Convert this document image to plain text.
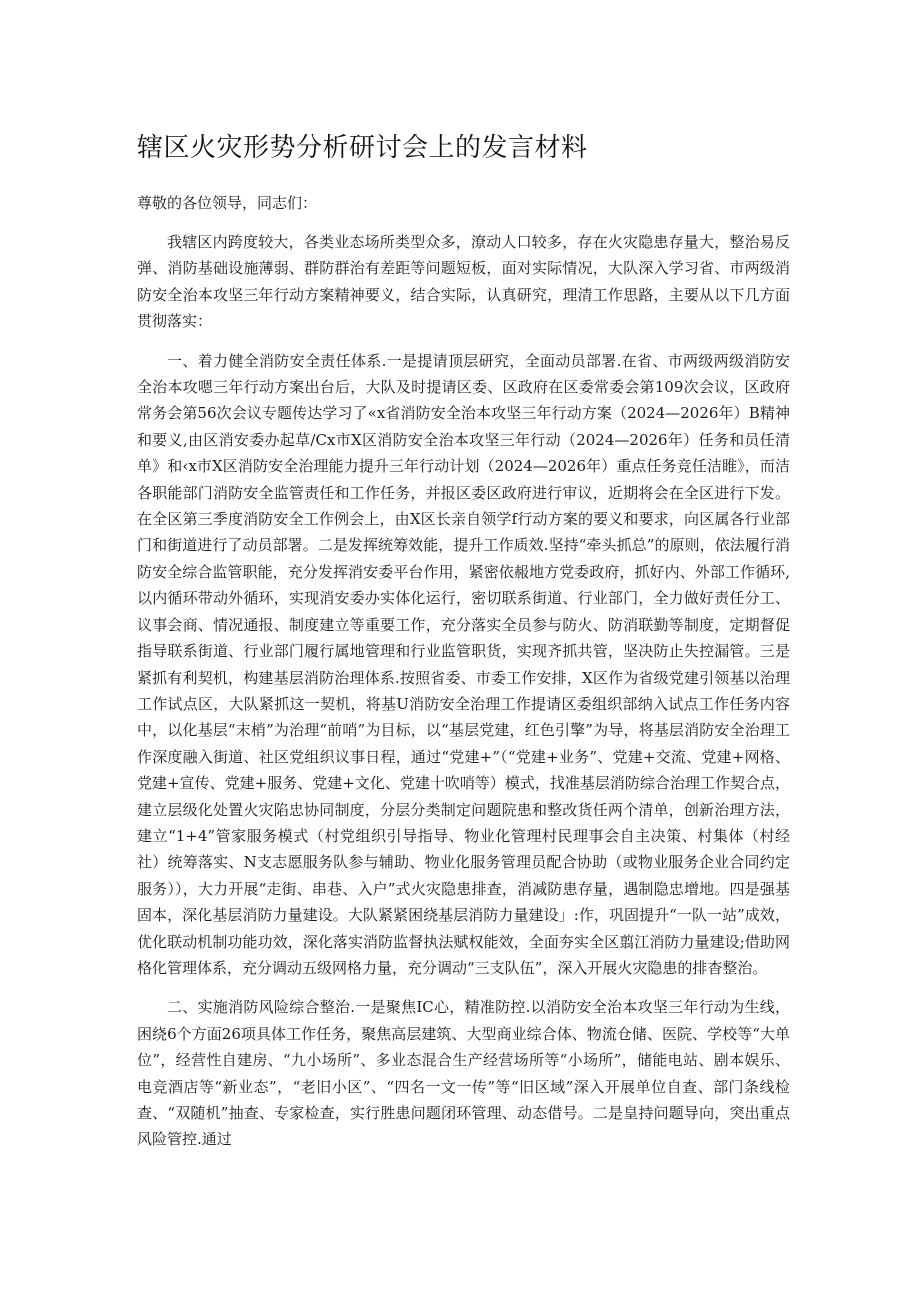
辖区火灾形势分析研讨会上的发言材料

尊敬的各位领导，同志们：

我辖区内跨度较大，各类业态场所类型众多，潦动人口较多，存在火灾隐患存量大，整治易反弹、消防基础设施薄弱、群防群治有差距等问题短板，面对实际情况，大队深入学习省、市两级消防安全治本攻坚三年行动方案精神要义，结合实际，认真研究，理清工作思路，主要从以下几方面贯彻落实：

一、着力健全消防安全责任体系.一是提请顶层研究，全面动员部署.在省、市两级两级消防安全治本攻嗯三年行动方案出台后，大队及时提请区委、区政府在区委常委会第109次会议，区政府常务会第56次会议专题传达学习了«x省消防安全治本攻坚三年行动方案（2024—2026年）B精神和要义,由区消安委办起草/Cx市X区消防安全治本攻坚三年行动（2024—2026年）任务和员任清单》和‹x市X区消防安全治理能力提升三年行动计划（2024—2026年）重点任务竞任洁睢》，而洁各职能部门消防安全监管责任和工作任务，并报区委区政府进行审议，近期将会在全区进行下发。在全区第三季度消防安全工作例会上，由X区长亲自领学f行动方案的要义和要求，向区属各行业部门和街道进行了动员部署。二是发挥统筹效能，提升工作质效.坚持“牵头抓总”的原则，依法履行消防安全综合监管职能，充分发挥消安委平台作用，紧密依赧地方党委政府，抓好内、外部工作循环,以内循环带动外循环，实现消安委办实体化运行，密切联系街道、行业部门，全力做好责任分工、议事会商、情况通报、制度建立等重要工作，充分落实全员参与防火、防消联勤等制度，定期督促指导联系街道、行业部门履行属地管理和行业监管职货，实现齐抓共管，坚决防止失控漏管。三是紧抓有利契机，构建基层消防治理体系.按照省委、市委工作安排，X区作为省级党建引领基以治理工作试点区，大队紧抓这一契机，将基U消防安全治理工作提请区委组织部纳入试点工作任务内容中，以化基层“末梢”为治理“前哨”为目标，以“基层党建，红色引擎”为导，将基层消防安全治理工作深度融入街道、社区党组织议事日程，通过“党建+”（“党建+业务”、党建+交流、党建+网格、党建+宣传、党建+服务、党建+文化、党建十吹哨等）模式，找准基层消防综合治理工作契合点，建立层级化处置火灾陷忠协同制度，分层分类制定问题院患和整改货任两个清单，创新治理方法，建立“1+4”管家服务模式（村党组织引导指导、物业化管理村民理事会自主决策、村集体（村经社）统筹落实、N支志愿服务队参与辅助、物业化服务管理员配合协助（或物业服务企业合同约定服务）），大力开展“走街、串巷、入户”式火灾隐患排查，消减防患存量，遇制隐忠增地。四是强基固本，深化基层消防力量建设。大队紧紧困绕基层消防力量建设」:作，巩固提升“一队一站”成效，优化联动机制功能功效，深化落实消防监督执法赋权能效，全面夯实全区翦江消防力量建设;借助网格化管理体系，充分调动五级网格力量，充分调动“三支队伍”，深入开展火灾隐患的排杳整治。

二、实施消防风险综合整治.一是聚焦IC心，精准防控.以消防安全治本攻坚三年行动为生线，困绕6个方面26项具体工作任务，聚焦高层建筑、大型商业综合体、物流仓储、医院、学校等“大单位”，经营性自建房、“九小场所”、多业态混合生产经营场所等“小场所”，储能电站、剧本娱乐、电竞酒店等“新业态”，“老旧小区”、“四名一文一传”等“旧区域”深入开展单位自查、部门条线检查、“双随机”抽查、专家检查，实行胜患问题闭环管理、动态借号。二是皇持问题导向，突出重点风险管控.通过
